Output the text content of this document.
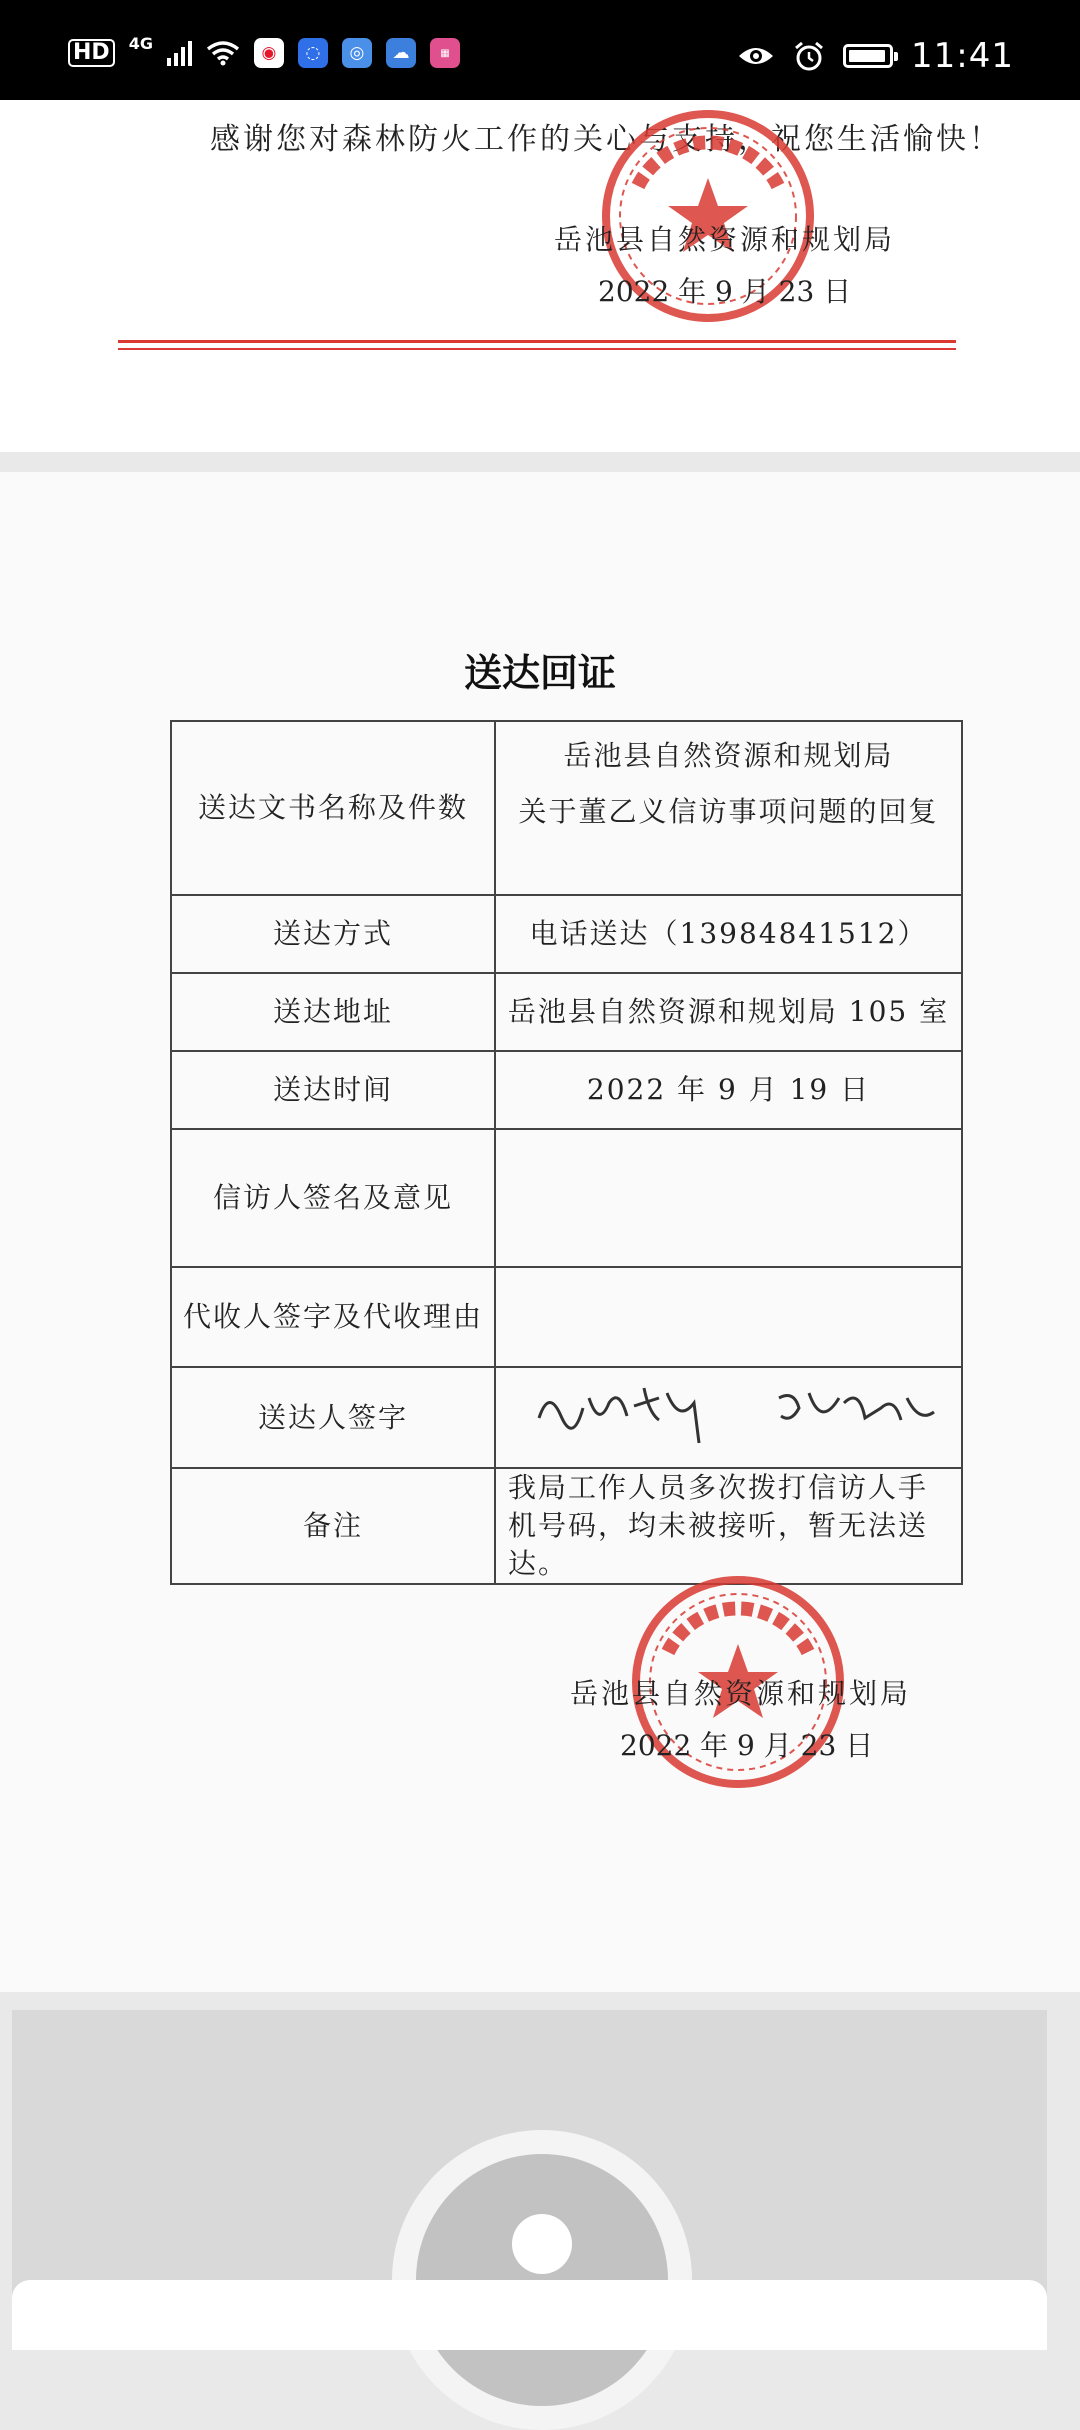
HD	4G	◉	◌	◎	☁	▦	11:41
感谢您对森林防火工作的关心与支持，祝您生活愉快！
岳池县自然资源和规划局
2022 年 9 月 23 日
送达回证
送达文书名称及件数	岳池县自然资源和规划局
关于董乙义信访事项问题的回复

送达方式	电话送达（13984841512）
送达地址	岳池县自然资源和规划局 105 室
送达时间	2022 年 9 月 19 日
信访人签名及意见	
代收人签字及代收理由	
送达人签字	
备注	我局工作人员多次拨打信访人手机号码，均未被接听，暂无法送达。
岳池县自然资源和规划局
2022 年 9 月 23 日
